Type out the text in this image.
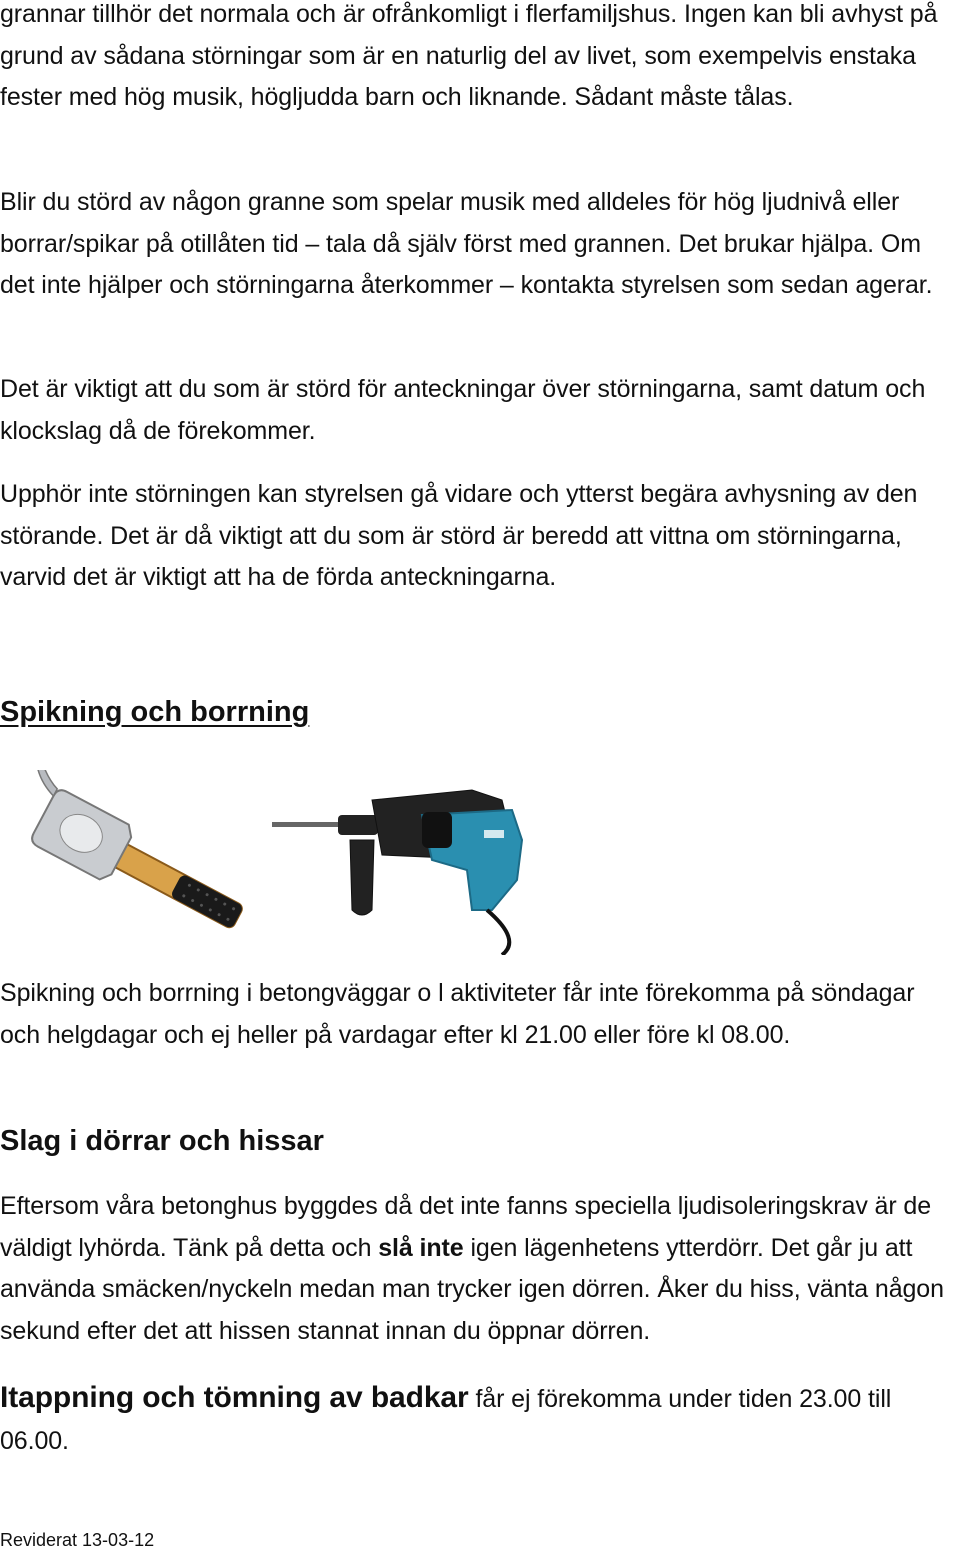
grannar tillhör det normala och är ofrånkomligt i flerfamiljshus. Ingen kan bli avhyst på grund av sådana störningar som är en naturlig del av livet, som exempelvis enstaka fester med hög musik, högljudda barn och liknande. Sådant måste tålas.

Blir du störd av någon granne som spelar musik med alldeles för hög ljudnivå eller borrar/spikar på otillåten tid – tala då själv först med grannen. Det brukar hjälpa. Om det inte hjälper och störningarna återkommer – kontakta styrelsen som sedan agerar.

Det är viktigt att du som är störd för anteckningar över störningarna, samt datum och klockslag då de förekommer.

Upphör inte störningen kan styrelsen gå vidare och ytterst begära avhysning av den störande. Det är då viktigt att du som är störd är beredd att vittna om störningarna, varvid det är viktigt att ha de förda anteckningarna.

Spikning och borrning

Spikning och borrning i betongväggar o l aktiviteter får inte förekomma på söndagar och helgdagar och ej heller på vardagar efter kl 21.00 eller före kl 08.00.

Slag i dörrar och hissar

Eftersom våra betonghus byggdes då det inte fanns speciella ljudisoleringskrav är de väldigt lyhörda. Tänk på detta och slå inte igen lägenhetens ytterdörr. Det går ju att använda smäcken/nyckeln medan man trycker igen dörren. Åker du hiss, vänta någon sekund efter det att hissen stannat innan du öppnar dörren.

Itappning och tömning av badkar får ej förekomma under tiden 23.00 till 06.00.

Reviderat 13-03-12
